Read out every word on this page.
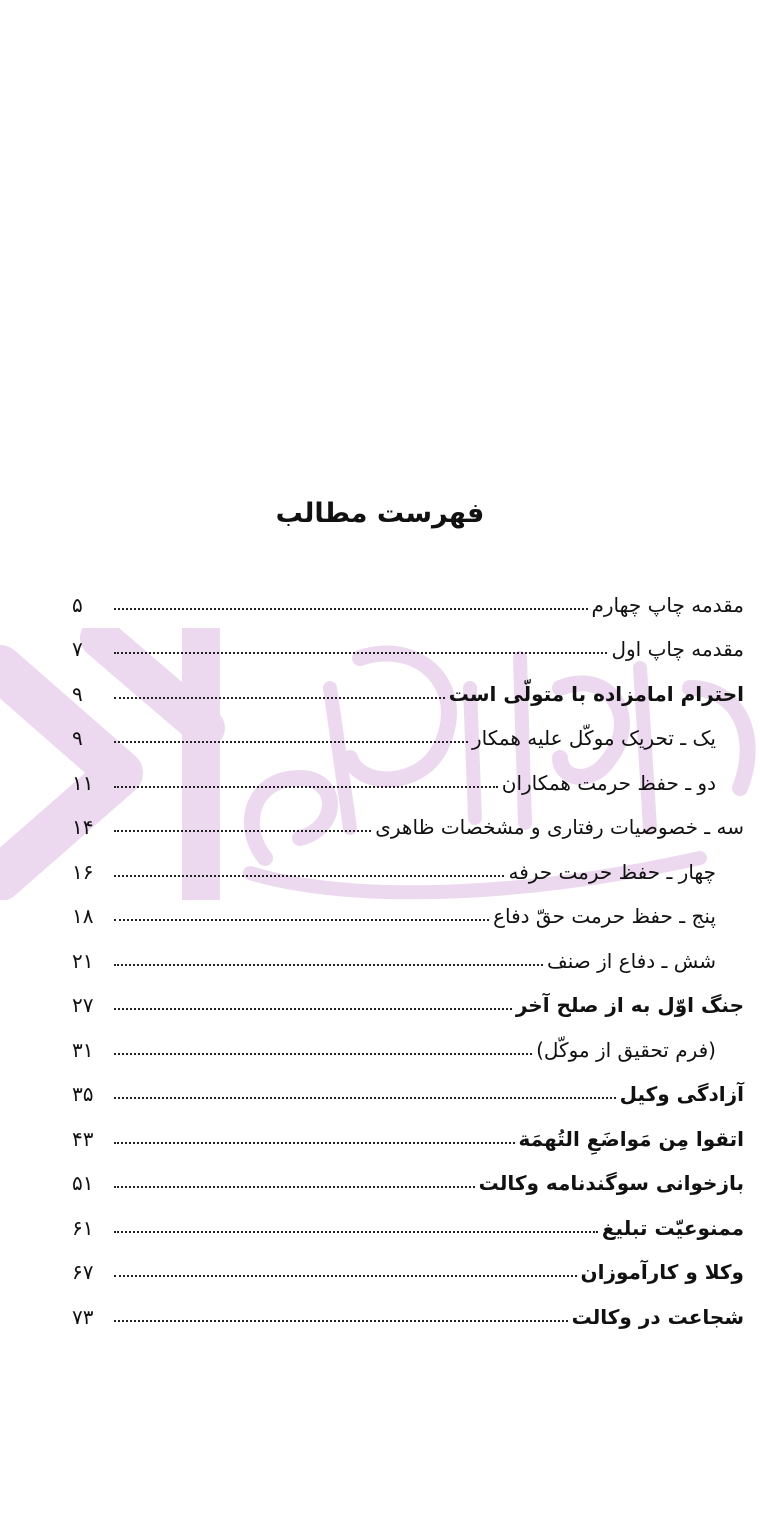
فهرست مطالب
مقدمه چاپ چهارم
۵
مقدمه چاپ اول
۷
احترام امامزاده با متولّی است
۹
یک ـ تحریک موکّل علیه همکار
۹
دو ـ حفظ حرمت همکاران
۱۱
سه ـ خصوصیات رفتاری و مشخصات ظاهری
۱۴
چهار ـ حفظ حرمت حرفه
۱۶
پنج ـ حفظ حرمت حقّ دفاع
۱۸
شش ـ دفاع از صنف
۲۱
جنگ اوّل به از صلح آخر
۲۷
(فرم تحقیق از موکّل)
۳۱
آزادگی وکیل
۳۵
اتقوا مِن مَواضَعِ التُهمَة
۴۳
بازخوانی سوگندنامه وکالت
۵۱
ممنوعیّت تبلیغ
۶۱
وکلا و کارآموزان
۶۷
شجاعت در وکالت
۷۳
